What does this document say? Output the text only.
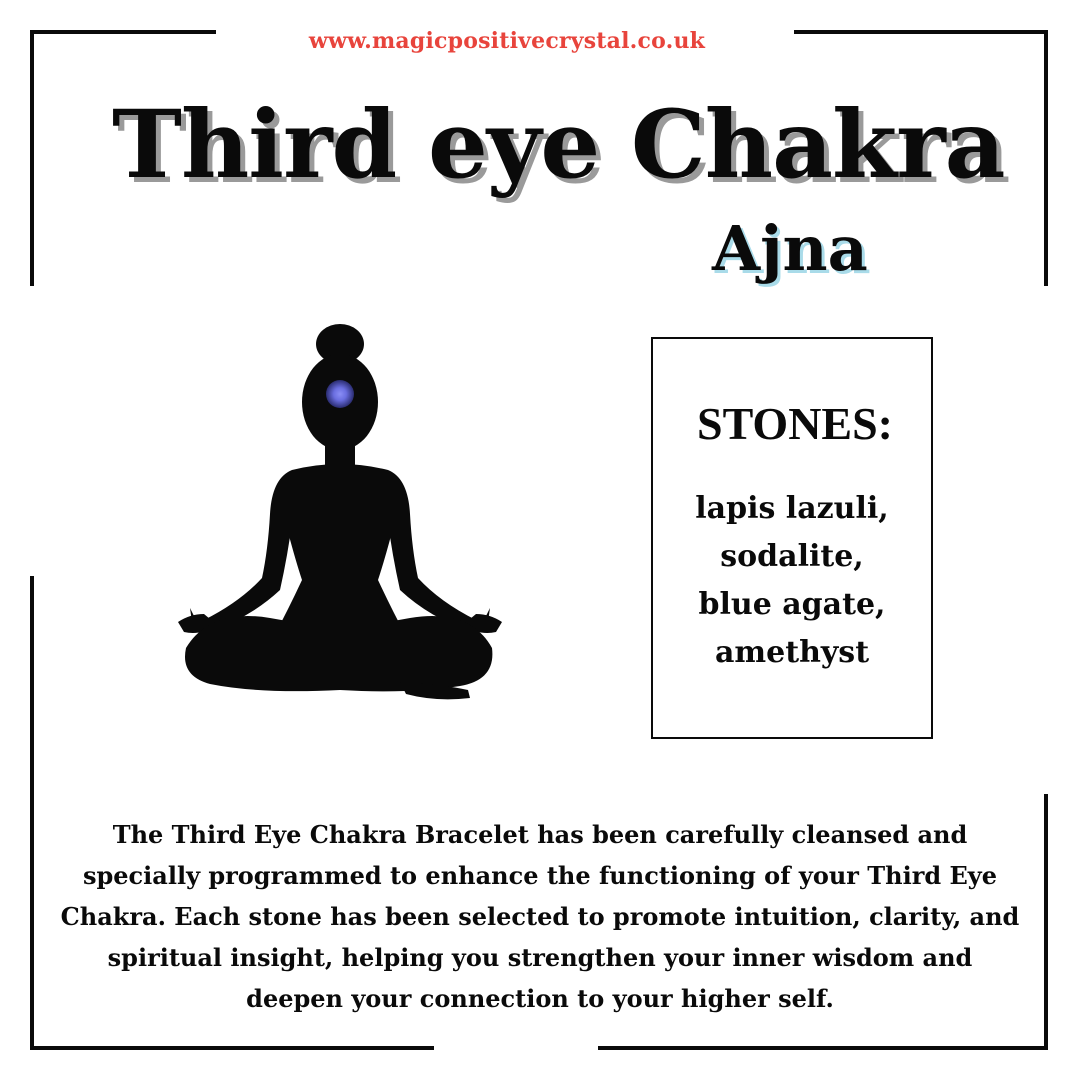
www.magicpositivecrystal.co.uk
Third eye Chakra
Ajna
STONES:
lapis lazuli,
sodalite,
blue agate,
amethyst

The Third Eye Chakra Bracelet has been carefully cleansed and specially programmed to enhance the functioning of your Third Eye Chakra. Each stone has been selected to promote intuition, clarity, and spiritual insight, helping you strengthen your inner wisdom and deepen your connection to your higher self.
